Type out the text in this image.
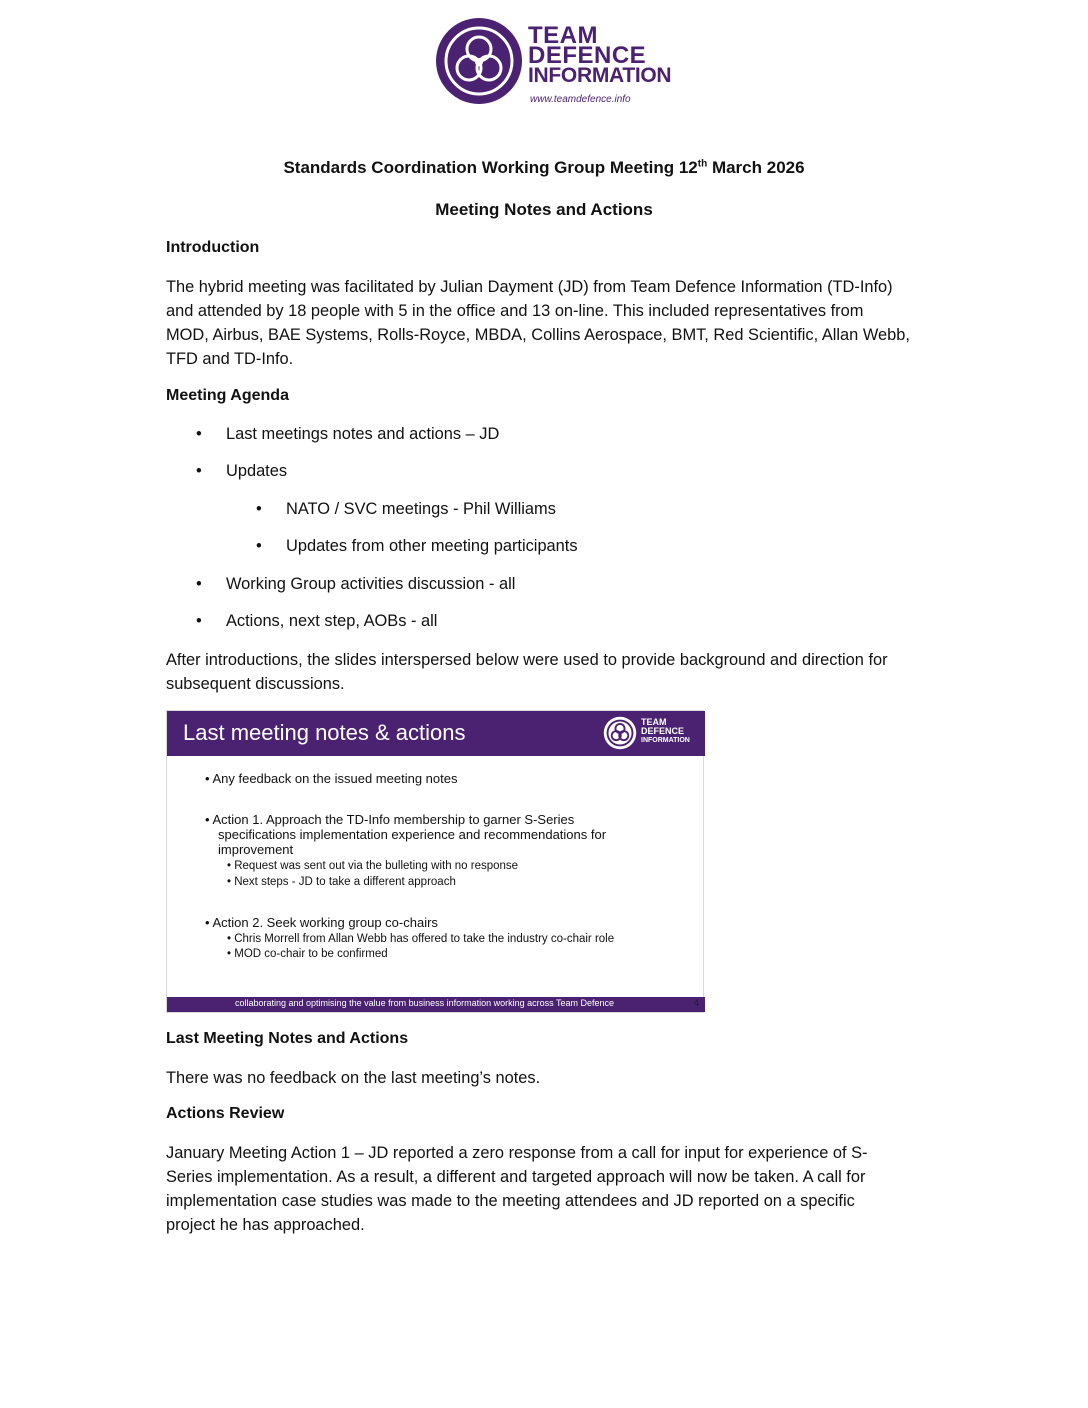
TEAM
DEFENCE
INFORMATION
www.teamdefence.info
Standards Coordination Working Group Meeting 12th March 2026
Meeting Notes and Actions
Introduction
The hybrid meeting was facilitated by Julian Dayment (JD) from Team Defence Information (TD-Info)
and attended by 18 people with 5 in the office and 13 on-line. This included representatives from
MOD, Airbus, BAE Systems, Rolls-Royce, MBDA, Collins Aerospace, BMT, Red Scientific, Allan Webb,
TFD and TD-Info.
Meeting Agenda
• Last meetings notes and actions – JD
• Updates
• NATO / SVC meetings - Phil Williams
• Updates from other meeting participants
• Working Group activities discussion - all
• Actions, next step, AOBs - all
After introductions, the slides interspersed below were used to provide background and direction for
subsequent discussions.
Last meeting notes & actions	TEAM
DEFENCE
INFORMATION
• Any feedback on the issued meeting notes
• Action 1. Approach the TD-Info membership to garner S-Series
specifications implementation experience and recommendations for
improvement
• Request was sent out via the bulleting with no response
• Next steps - JD to take a different approach
• Action 2. Seek working group co-chairs
• Chris Morrell from Allan Webb has offered to take the industry co-chair role
• MOD co-chair to be confirmed
collaborating and optimising the value from business information working across Team Defence	4
Last Meeting Notes and Actions
There was no feedback on the last meeting’s notes.
Actions Review
January Meeting Action 1 – JD reported a zero response from a call for input for experience of S-
Series implementation. As a result, a different and targeted approach will now be taken. A call for
implementation case studies was made to the meeting attendees and JD reported on a specific
project he has approached.
